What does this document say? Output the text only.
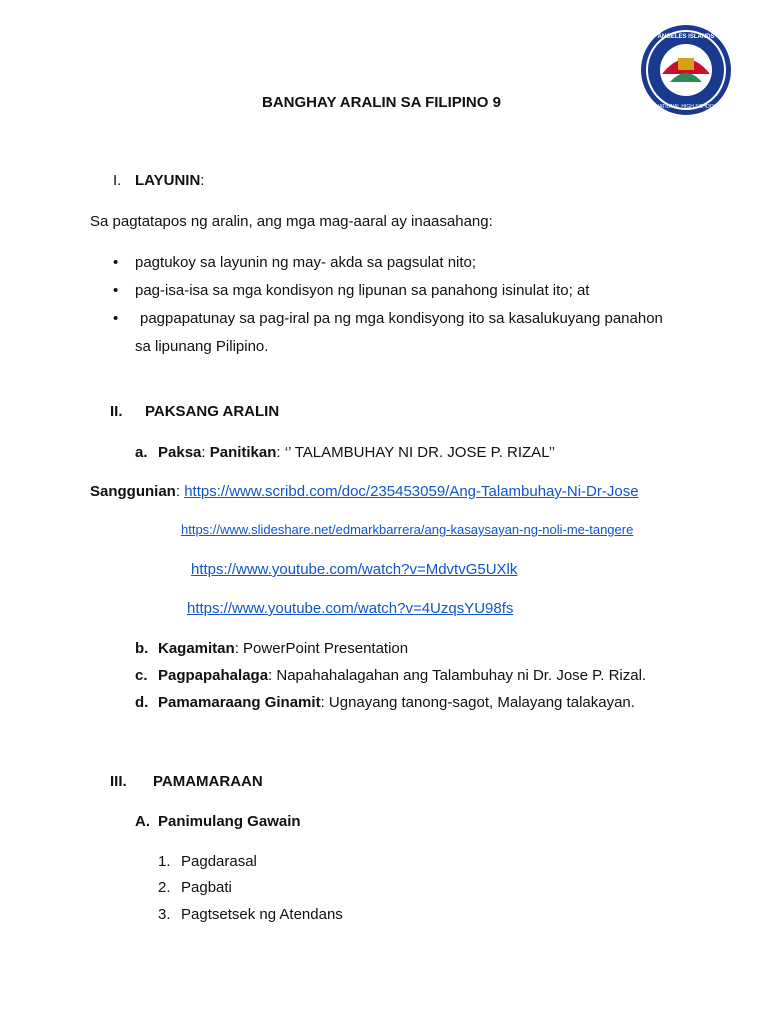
ANGELES ISLANDS
NATIONAL HIGH SCHOOL
BANGHAY ARALIN SA FILIPINO 9
I. LAYUNIN:
Sa pagtatapos ng aralin, ang mga mag-aaral ay inaasahang:
• pagtukoy sa layunin ng may- akda sa pagsulat nito;
• pag-isa-isa sa mga kondisyon ng lipunan sa panahong isinulat ito; at
• pagpapatunay sa pag-iral pa ng mga kondisyong ito sa kasalukuyang panahon
sa lipunang Pilipino.
II. PAKSANG ARALIN
a. Paksa: Panitikan: ‘’ TALAMBUHAY NI DR. JOSE P. RIZAL’’
Sanggunian: https://www.scribd.com/doc/235453059/Ang-Talambuhay-Ni-Dr-Jose
https://www.slideshare.net/edmarkbarrera/ang-kasaysayan-ng-noli-me-tangere
https://www.youtube.com/watch?v=MdvtvG5UXlk
https://www.youtube.com/watch?v=4UzqsYU98fs
b. Kagamitan: PowerPoint Presentation
c. Pagpapahalaga: Napahahalagahan ang Talambuhay ni Dr. Jose P. Rizal.
d. Pamamaraang Ginamit: Ugnayang tanong-sagot, Malayang talakayan.
III. PAMAMARAAN
A. Panimulang Gawain
1. Pagdarasal
2. Pagbati
3. Pagtsetsek ng Atendans
